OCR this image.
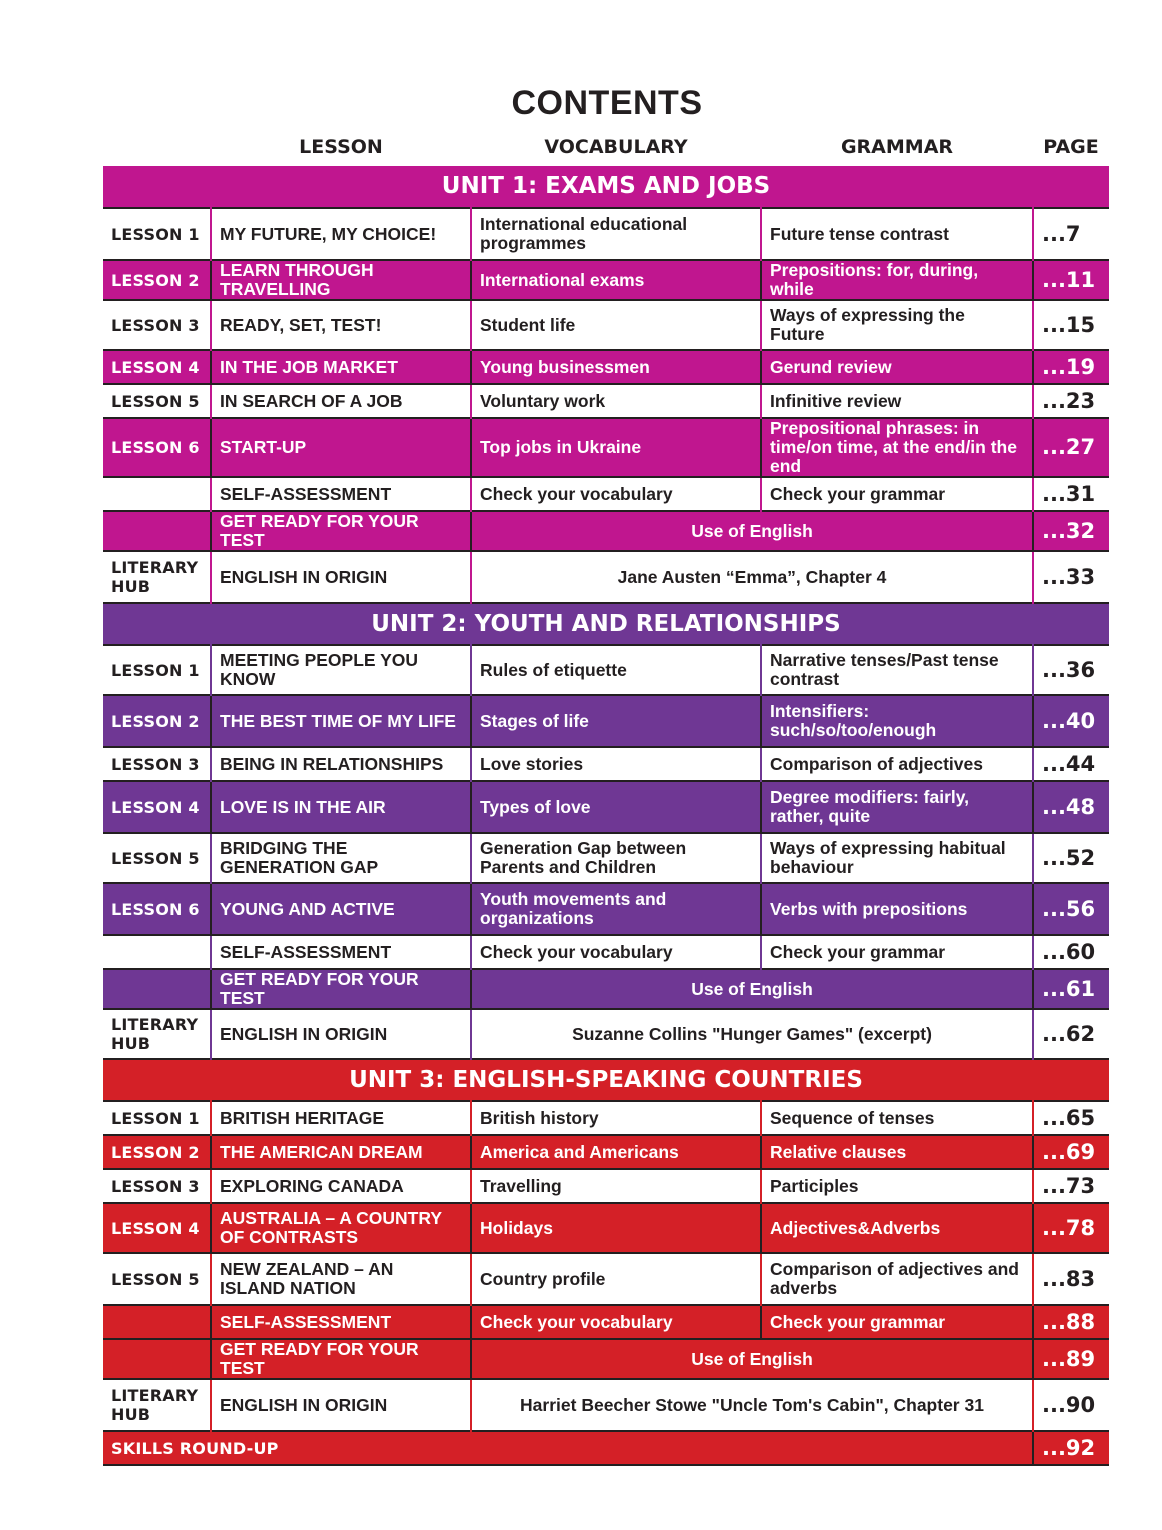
CONTENTS
LESSON	VOCABULARY	GRAMMAR	PAGE
UNIT 1: EXAMS AND JOBS				
LESSON 1	MY FUTURE, MY CHOICE!	International educational programmes	Future tense contrast	...7
LESSON 2	LEARN THROUGH TRAVELLING	International exams	Prepositions: for, during, while	...11
LESSON 3	READY, SET, TEST!	Student life	Ways of expressing the Future	...15
LESSON 4	IN THE JOB MARKET	Young businessmen	Gerund review	...19
LESSON 5	IN SEARCH OF A JOB	Voluntary work	Infinitive review	...23
LESSON 6	START-UP	Top jobs in Ukraine	Prepositional phrases: in time/on time, at the end/in the end	...27
	SELF-ASSESSMENT	Check your vocabulary	Check your grammar	...31
	GET READY FOR YOUR TEST	Use of English		...32
LITERARY HUB	ENGLISH IN ORIGIN	Jane Austen “Emma”, Chapter 4		...33
UNIT 2: YOUTH AND RELATIONSHIPS				
LESSON 1	MEETING PEOPLE YOU KNOW	Rules of etiquette	Narrative tenses/Past tense contrast	...36
LESSON 2	THE BEST TIME OF MY LIFE	Stages of life	Intensifiers: such/so/too/enough	...40
LESSON 3	BEING IN RELATIONSHIPS	Love stories	Comparison of adjectives	...44
LESSON 4	LOVE IS IN THE AIR	Types of love	Degree modifiers: fairly, rather, quite	...48
LESSON 5	BRIDGING THE GENERATION GAP	Generation Gap between Parents and Children	Ways of expressing habitual behaviour	...52
LESSON 6	YOUNG AND ACTIVE	Youth movements and organizations	Verbs with prepositions	...56
	SELF-ASSESSMENT	Check your vocabulary	Check your grammar	...60
	GET READY FOR YOUR TEST	Use of English		...61
LITERARY HUB	ENGLISH IN ORIGIN	Suzanne Collins "Hunger Games" (excerpt)		...62
UNIT 3: ENGLISH-SPEAKING COUNTRIES				
LESSON 1	BRITISH HERITAGE	British history	Sequence of tenses	...65
LESSON 2	THE AMERICAN DREAM	America and Americans	Relative clauses	...69
LESSON 3	EXPLORING CANADA	Travelling	Participles	...73
LESSON 4	AUSTRALIA – A COUNTRY OF CONTRASTS	Holidays	Adjectives&Adverbs	...78
LESSON 5	NEW ZEALAND – AN ISLAND NATION	Country profile	Comparison of adjectives and adverbs	...83
	SELF-ASSESSMENT	Check your vocabulary	Check your grammar	...88
	GET READY FOR YOUR TEST	Use of English		...89
LITERARY HUB	ENGLISH IN ORIGIN	Harriet Beecher Stowe "Uncle Tom's Cabin", Chapter 31		...90
SKILLS ROUND-UP				...92
